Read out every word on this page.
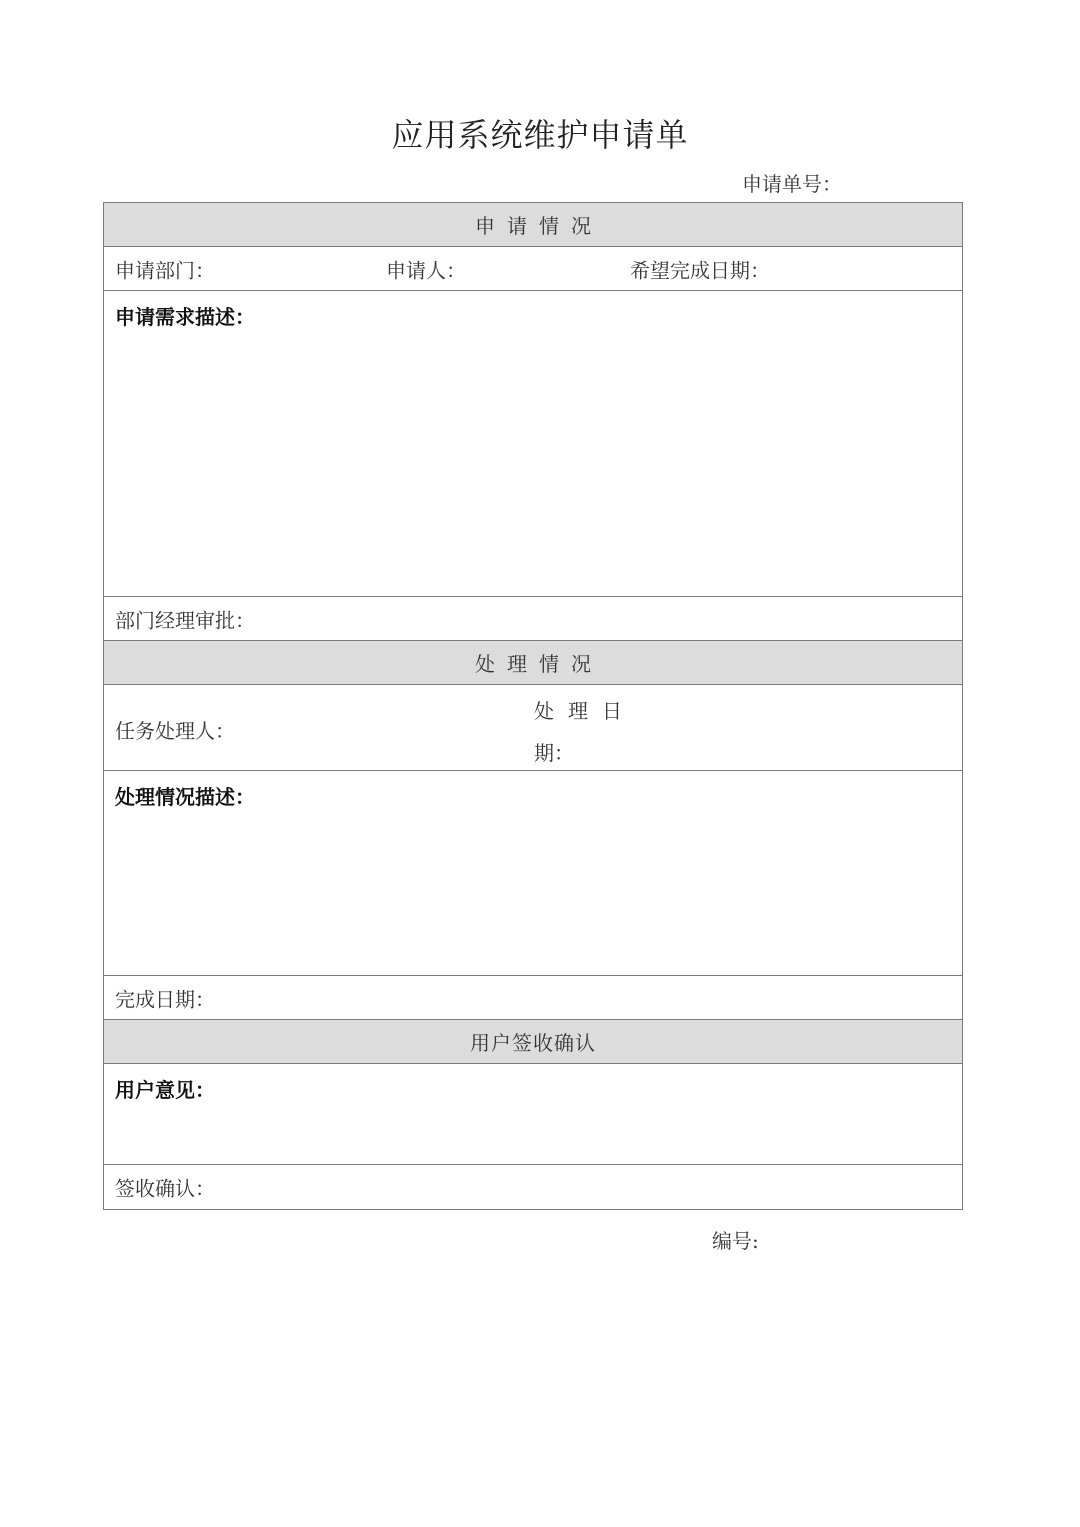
应用系统维护申请单
申请单号：
申请情况
申请部门：	申请人：	希望完成日期：
申请需求描述：
部门经理审批：
处理情况
任务处理人：
处理日
期：
处理情况描述：
完成日期：
用户签收确认
用户意见：
签收确认：
编号:
